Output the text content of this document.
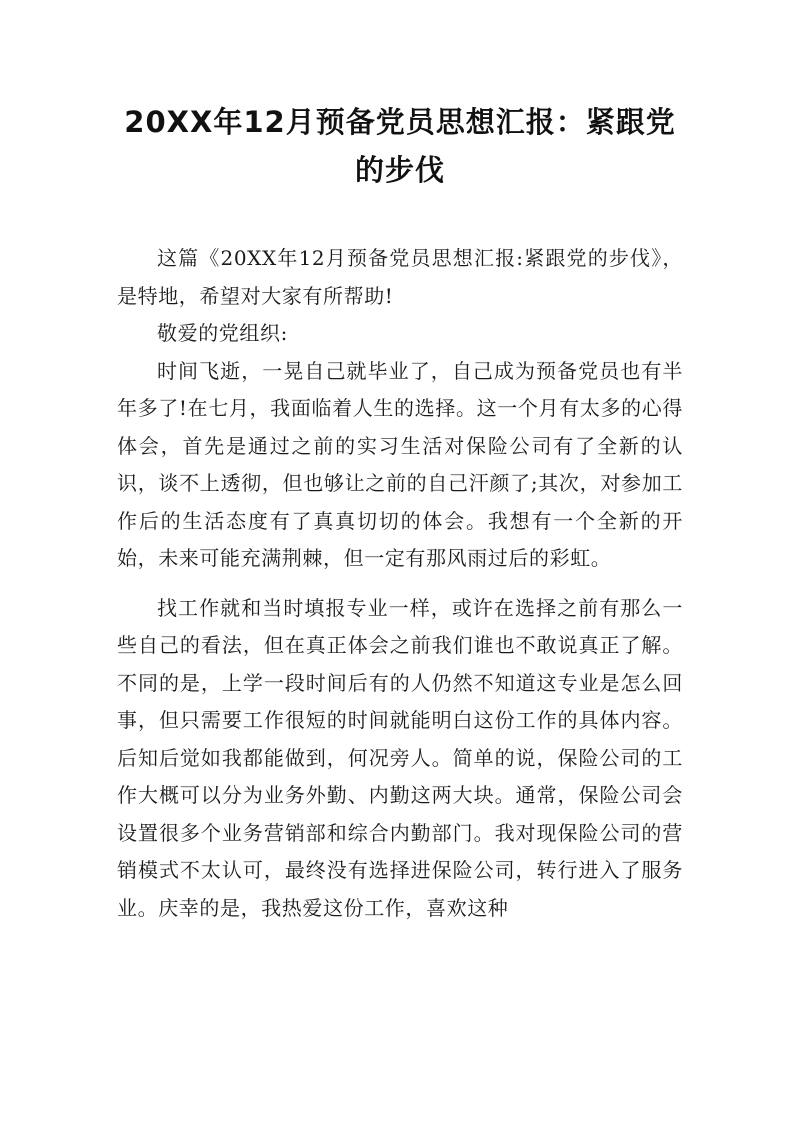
20XX年12月预备党员思想汇报：紧跟党的步伐

这篇《20XX年12月预备党员思想汇报:紧跟党的步伐》，是特地，希望对大家有所帮助!

敬爱的党组织:

时间飞逝，一晃自己就毕业了，自己成为预备党员也有半年多了!在七月，我面临着人生的选择。这一个月有太多的心得体会，首先是通过之前的实习生活对保险公司有了全新的认识，谈不上透彻，但也够让之前的自己汗颜了;其次，对参加工作后的生活态度有了真真切切的体会。我想有一个全新的开始，未来可能充满荆棘，但一定有那风雨过后的彩虹。

找工作就和当时填报专业一样，或许在选择之前有那么一些自己的看法，但在真正体会之前我们谁也不敢说真正了解。不同的是，上学一段时间后有的人仍然不知道这专业是怎么回事，但只需要工作很短的时间就能明白这份工作的具体内容。后知后觉如我都能做到，何况旁人。简单的说，保险公司的工作大概可以分为业务外勤、内勤这两大块。通常，保险公司会设置很多个业务营销部和综合内勤部门。我对现保险公司的营销模式不太认可，最终没有选择进保险公司，转行进入了服务业。庆幸的是，我热爱这份工作，喜欢这种
